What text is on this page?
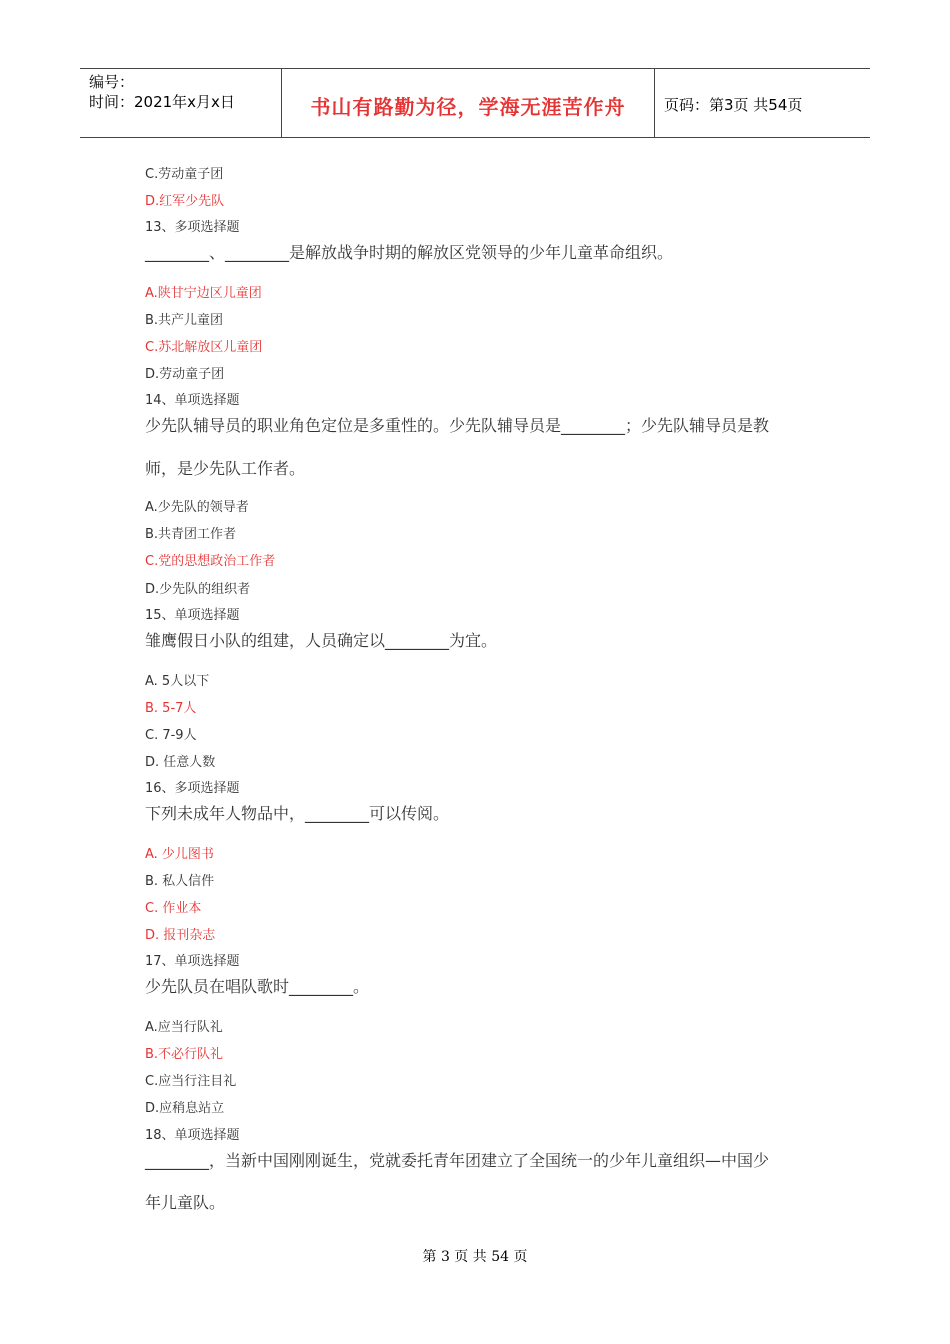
编号：
时间：2021年x月x日	书山有路勤为径，学海无涯苦作舟	页码：第3页 共54页
C.劳动童子团
D.红军少先队
13、多项选择题
________、________是解放战争时期的解放区党领导的少年儿童革命组织。
A.陕甘宁边区儿童团
B.共产儿童团
C.苏北解放区儿童团
D.劳动童子团
14、单项选择题
少先队辅导员的职业角色定位是多重性的。少先队辅导员是________；少先队辅导员是教
师，是少先队工作者。
A.少先队的领导者
B.共青团工作者
C.党的思想政治工作者
D.少先队的组织者
15、单项选择题
雏鹰假日小队的组建，人员确定以________为宜。
A. 5人以下
B. 5-7人
C. 7-9人
D. 任意人数
16、多项选择题
下列未成年人物品中，________可以传阅。
A. 少儿图书
B. 私人信件
C. 作业本
D. 报刊杂志
17、单项选择题
少先队员在唱队歌时________。
A.应当行队礼
B.不必行队礼
C.应当行注目礼
D.应稍息站立
18、单项选择题
________，当新中国刚刚诞生，党就委托青年团建立了全国统一的少年儿童组织—中国少
年儿童队。
第 3 页 共 54 页
